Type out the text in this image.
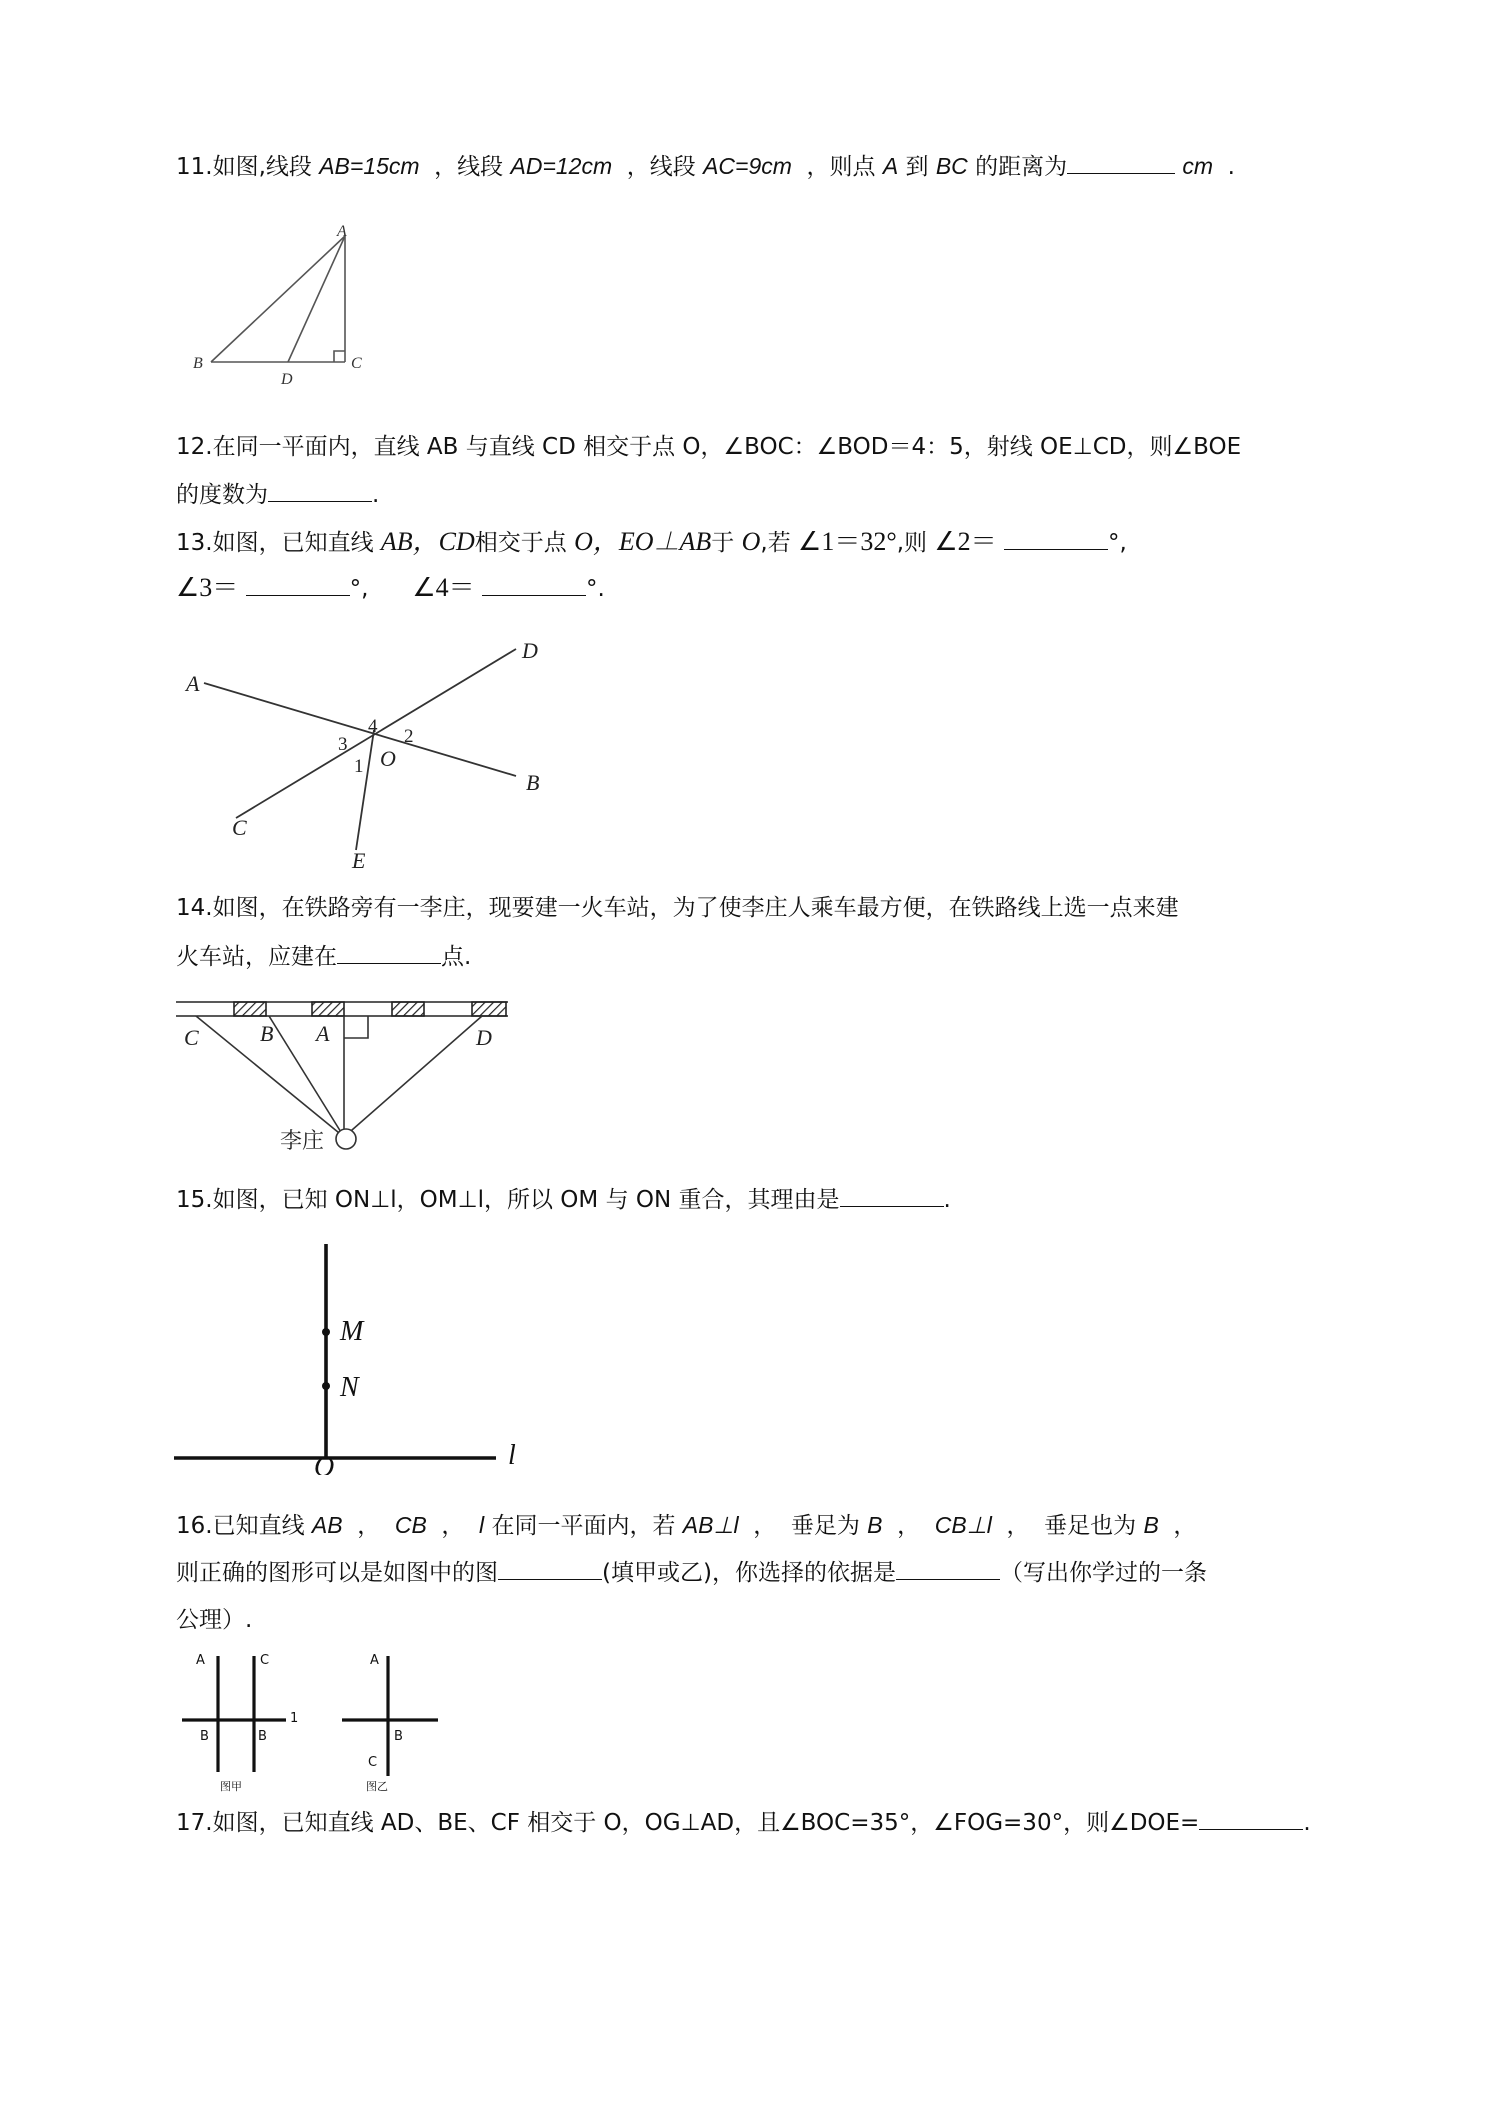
11.如图,线段 AB=15cm  ，线段 AD=12cm  ，线段 AC=9cm  ，则点 A 到 BC 的距离为	cm  .
A
B	C
D
12.在同一平面内，直线 AB 与直线 CD 相交于点 O，∠BOC：∠BOD＝4：5，射线 OE⊥CD，则∠BOE
的度数为	.
13.如图，已知直线 AB，CD相交于点 O，EO⊥AB于 O,若 ∠1＝32°,则 ∠2＝	°,
∠3＝	°, ∠4＝	°.
A
B
C
D
E
O
1
2
3
4
14.如图，在铁路旁有一李庄，现要建一火车站，为了使李庄人乘车最方便，在铁路线上选一点来建
火车站，应建在	点.
C	B A	D
李庄
15.如图，已知 ON⊥l，OM⊥l，所以 OM 与 ON 重合，其理由是	.
M
N
O	l
16.已知直线 AB  ，  CB  ，  l 在同一平面内，若 AB⊥l  ，  垂足为 B  ，  CB⊥l  ，  垂足也为 B  ，
则正确的图形可以是如图中的图	(填甲或乙)，你选择的依据是	（写出你学过的一条
公理）.
A	C
B	B
1
图甲
A
B
C
图乙
17.如图，已知直线 AD、BE、CF 相交于 O，OG⊥AD，且∠BOC=35°，∠FOG=30°，则∠DOE=	.
